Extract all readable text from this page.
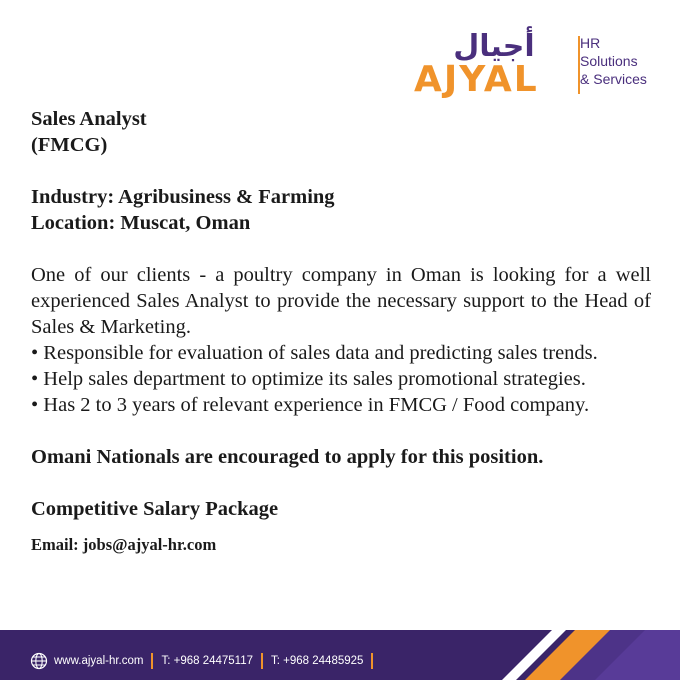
أجيال
AJYAL
HR
Solutions
& Services

Sales Analyst

(FMCG)

Industry: Agribusiness & Farming

Location: Muscat, Oman

One of our clients - a poultry company in Oman is looking for a well experienced Sales Analyst to provide the necessary support to the Head of Sales & Marketing.

• Responsible for evaluation of sales data and predicting sales trends.
• Help sales department to optimize its sales promotional strategies.
• Has 2 to 3 years of relevant experience in FMCG / Food company.

Omani Nationals are encouraged to apply for this position.

Competitive Salary Package

Email: jobs@ajyal-hr.com

www.ajyal-hr.com T: +968 24475117 T: +968 24485925
